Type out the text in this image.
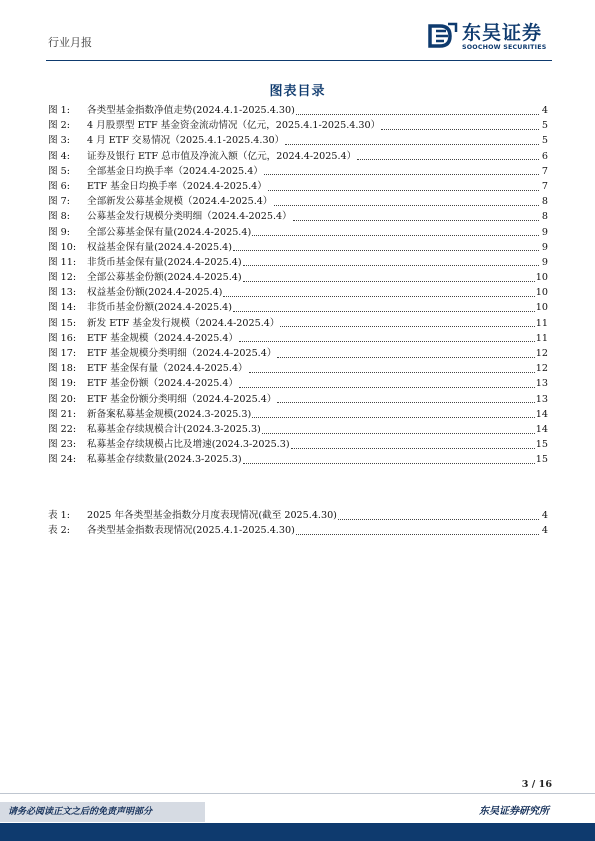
行业月报	东吴证券
SOOCHOW SECURITIES
图表目录
图 1:	各类型基金指数净值走势(2024.4.1-2025.4.30)	4
图 2:	4 月股票型 ETF 基金资金流动情况（亿元，2025.4.1-2025.4.30）	5
图 3:	4 月 ETF 交易情况（2025.4.1-2025.4.30）	5
图 4:	证券及银行 ETF 总市值及净流入额（亿元，2024.4-2025.4）	6
图 5:	全部基金日均换手率（2024.4-2025.4）	7
图 6:	ETF 基金日均换手率（2024.4-2025.4）	7
图 7:	全部新发公募基金规模（2024.4-2025.4）	8
图 8:	公募基金发行规模分类明细（2024.4-2025.4）	8
图 9:	全部公募基金保有量(2024.4-2025.4)	9
图 10:	权益基金保有量(2024.4-2025.4)	9
图 11:	非货币基金保有量(2024.4-2025.4)	9
图 12:	全部公募基金份额(2024.4-2025.4)	10
图 13:	权益基金份额(2024.4-2025.4)	10
图 14:	非货币基金份额(2024.4-2025.4)	10
图 15:	新发 ETF 基金发行规模（2024.4-2025.4）	11
图 16:	ETF 基金规模（2024.4-2025.4）	11
图 17:	ETF 基金规模分类明细（2024.4-2025.4）	12
图 18:	ETF 基金保有量（2024.4-2025.4）	12
图 19:	ETF 基金份额（2024.4-2025.4）	13
图 20:	ETF 基金份额分类明细（2024.4-2025.4）	13
图 21:	新备案私募基金规模(2024.3-2025.3)	14
图 22:	私募基金存续规模合计(2024.3-2025.3)	14
图 23:	私募基金存续规模占比及增速(2024.3-2025.3)	15
图 24:	私募基金存续数量(2024.3-2025.3)	15
表 1:	2025 年各类型基金指数分月度表现情况(截至 2025.4.30)	4
表 2:	各类型基金指数表现情况(2025.4.1-2025.4.30)	4
3 / 16
请务必阅读正文之后的免责声明部分	东吴证券研究所
